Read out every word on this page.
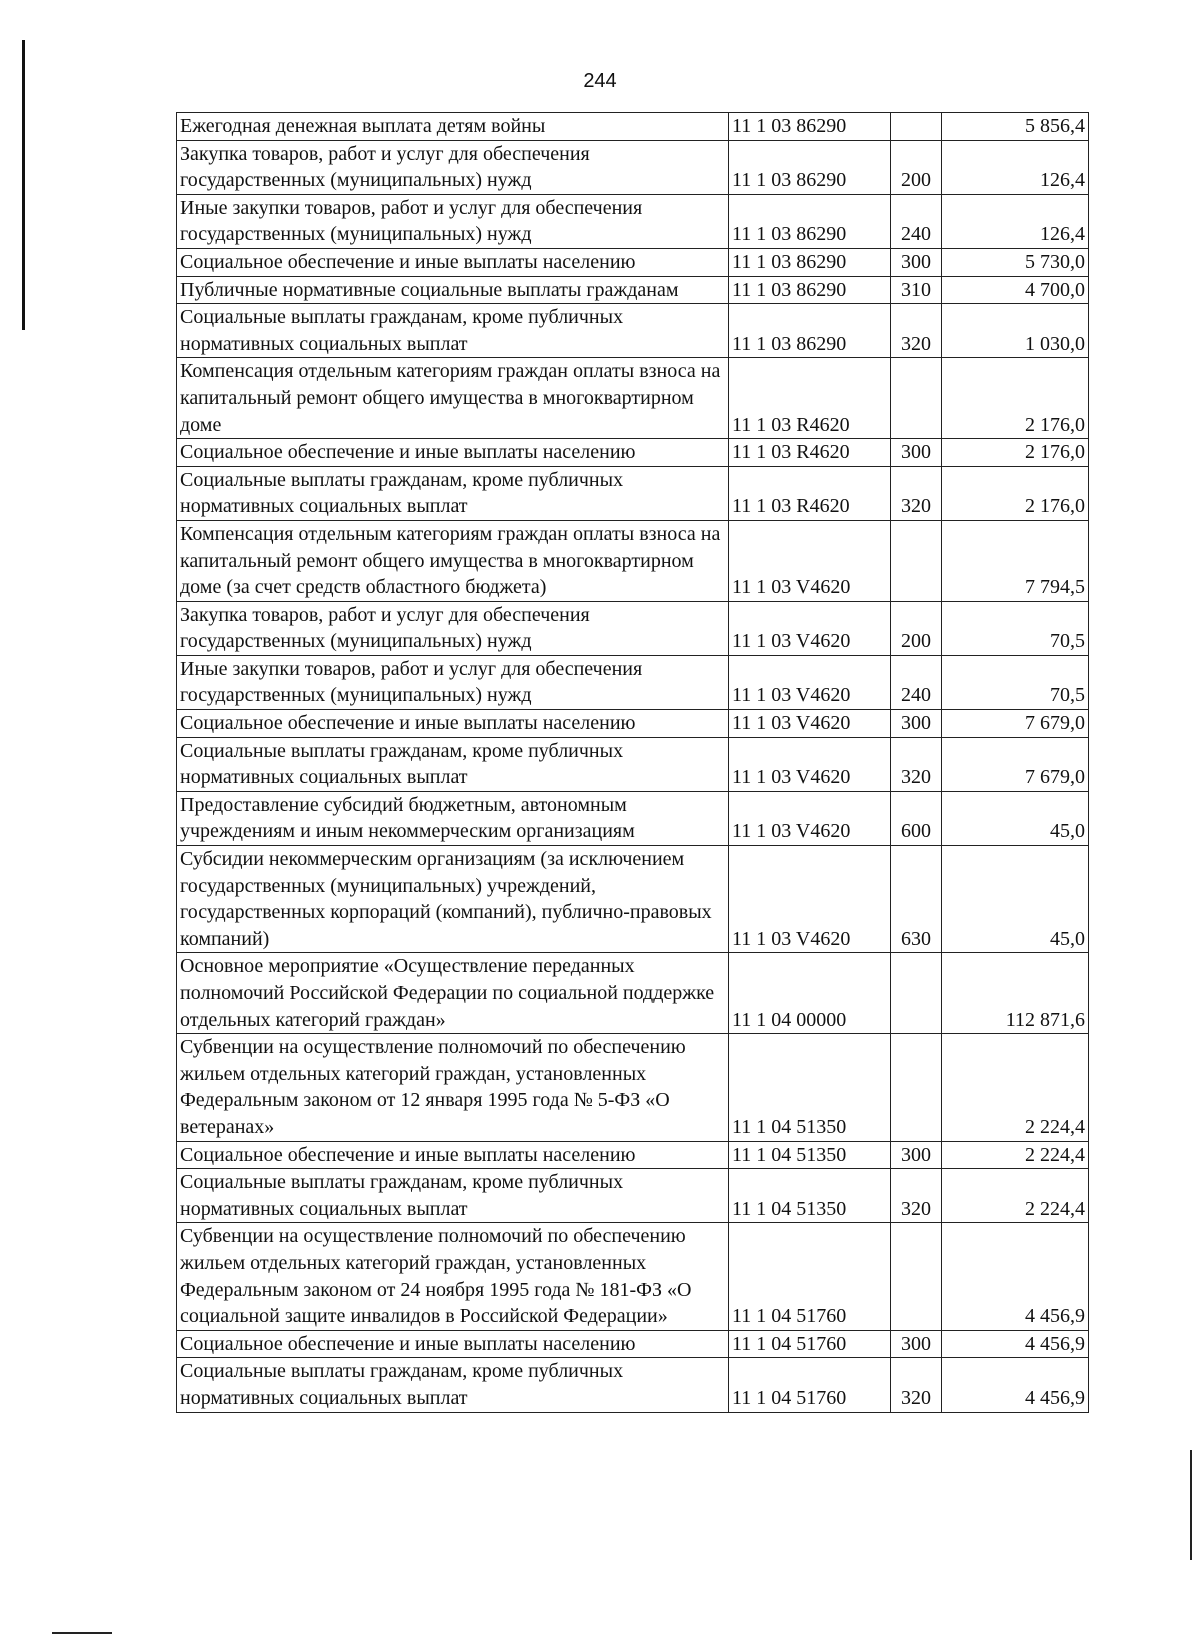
244
Ежегодная денежная выплата детям войны	11 1 03 86290		5 856,4
Закупка товаров, работ и услуг для обеспечения государственных (муниципальных) нужд	11 1 03 86290	200	126,4
Иные закупки товаров, работ и услуг для обеспечения государственных (муниципальных) нужд	11 1 03 86290	240	126,4
Социальное обеспечение и иные выплаты населению	11 1 03 86290	300	5 730,0
Публичные нормативные социальные выплаты гражданам	11 1 03 86290	310	4 700,0
Социальные выплаты гражданам, кроме публичных нормативных социальных выплат	11 1 03 86290	320	1 030,0
Компенсация отдельным категориям граждан оплаты взноса на капитальный ремонт общего имущества в многоквартирном доме	11 1 03 R4620		2 176,0
Социальное обеспечение и иные выплаты населению	11 1 03 R4620	300	2 176,0
Социальные выплаты гражданам, кроме публичных нормативных социальных выплат	11 1 03 R4620	320	2 176,0
Компенсация отдельным категориям граждан оплаты взноса на капитальный ремонт общего имущества в многоквартирном доме (за счет средств областного бюджета)	11 1 03 V4620		7 794,5
Закупка товаров, работ и услуг для обеспечения государственных (муниципальных) нужд	11 1 03 V4620	200	70,5
Иные закупки товаров, работ и услуг для обеспечения государственных (муниципальных) нужд	11 1 03 V4620	240	70,5
Социальное обеспечение и иные выплаты населению	11 1 03 V4620	300	7 679,0
Социальные выплаты гражданам, кроме публичных нормативных социальных выплат	11 1 03 V4620	320	7 679,0
Предоставление субсидий бюджетным, автономным учреждениям и иным некоммерческим организациям	11 1 03 V4620	600	45,0
Субсидии некоммерческим организациям (за исключением государственных (муниципальных) учреждений, государственных корпораций (компаний), публично-правовых компаний)	11 1 03 V4620	630	45,0
Основное мероприятие «Осуществление переданных полномочий Российской Федерации по социальной поддержке отдельных категорий граждан»	11 1 04 00000		112 871,6
Субвенции на осуществление полномочий по обеспечению жильем отдельных категорий граждан, установленных Федеральным законом от 12 января 1995 года № 5-ФЗ «О ветеранах»	11 1 04 51350		2 224,4
Социальное обеспечение и иные выплаты населению	11 1 04 51350	300	2 224,4
Социальные выплаты гражданам, кроме публичных нормативных социальных выплат	11 1 04 51350	320	2 224,4
Субвенции на осуществление полномочий по обеспечению жильем отдельных категорий граждан, установленных Федеральным законом от 24 ноября 1995 года № 181-ФЗ «О социальной защите инвалидов в Российской Федерации»	11 1 04 51760		4 456,9
Социальное обеспечение и иные выплаты населению	11 1 04 51760	300	4 456,9
Социальные выплаты гражданам, кроме публичных нормативных социальных выплат	11 1 04 51760	320	4 456,9
